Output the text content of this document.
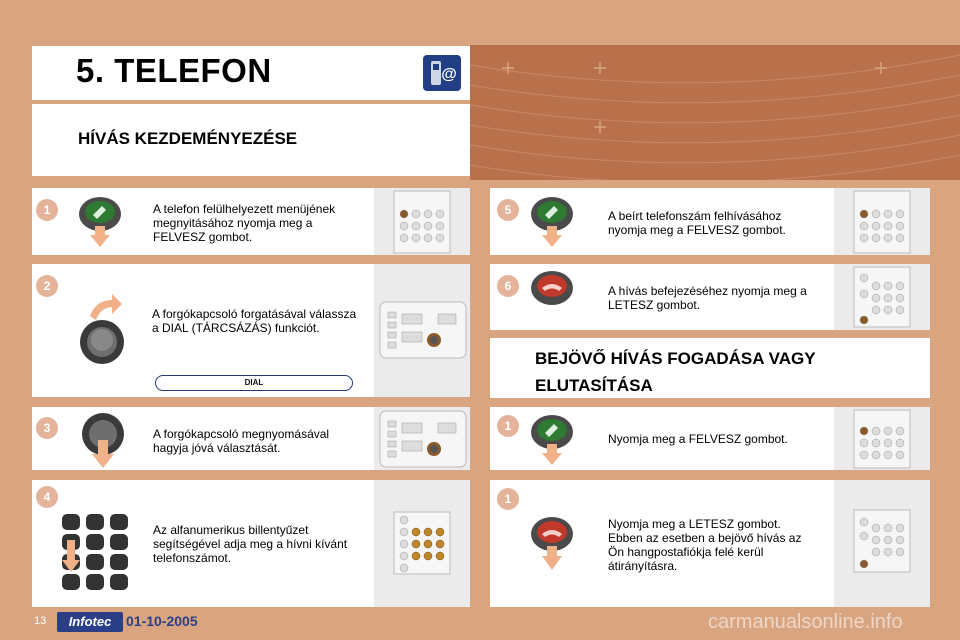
5. TELEFON
HÍVÁS KEZDEMÉNYEZÉSE
@
1	A telefon felülhelyezett menüjének
megnyitásához nyomja meg a
FELVESZ gombot.
2
A forgókapcsoló forgatásával válassza
a DIAL (TÁRCSÁZÁS) funkciót.
DIAL
3	A forgókapcsoló megnyomásával
hagyja jóvá választását.
4
Az alfanumerikus billentyűzet
segítségével adja meg a hívni kívánt
telefonszámot.
5	A beírt telefonszám felhívásához
nyomja meg a FELVESZ gombot.
6	A hívás befejezéséhez nyomja meg a
LETESZ gombot.
BEJÖVŐ HÍVÁS FOGADÁSA VAGY
ELUTASÍTÁSA
1
Nyomja meg a FELVESZ gombot.
1
Nyomja meg a LETESZ gombot.
Ebben az esetben a bejövő hívás az
Ön hangpostafiókja felé kerül
átirányításra.
13	Infotec	01-10-2005	carmanualsonline.info
